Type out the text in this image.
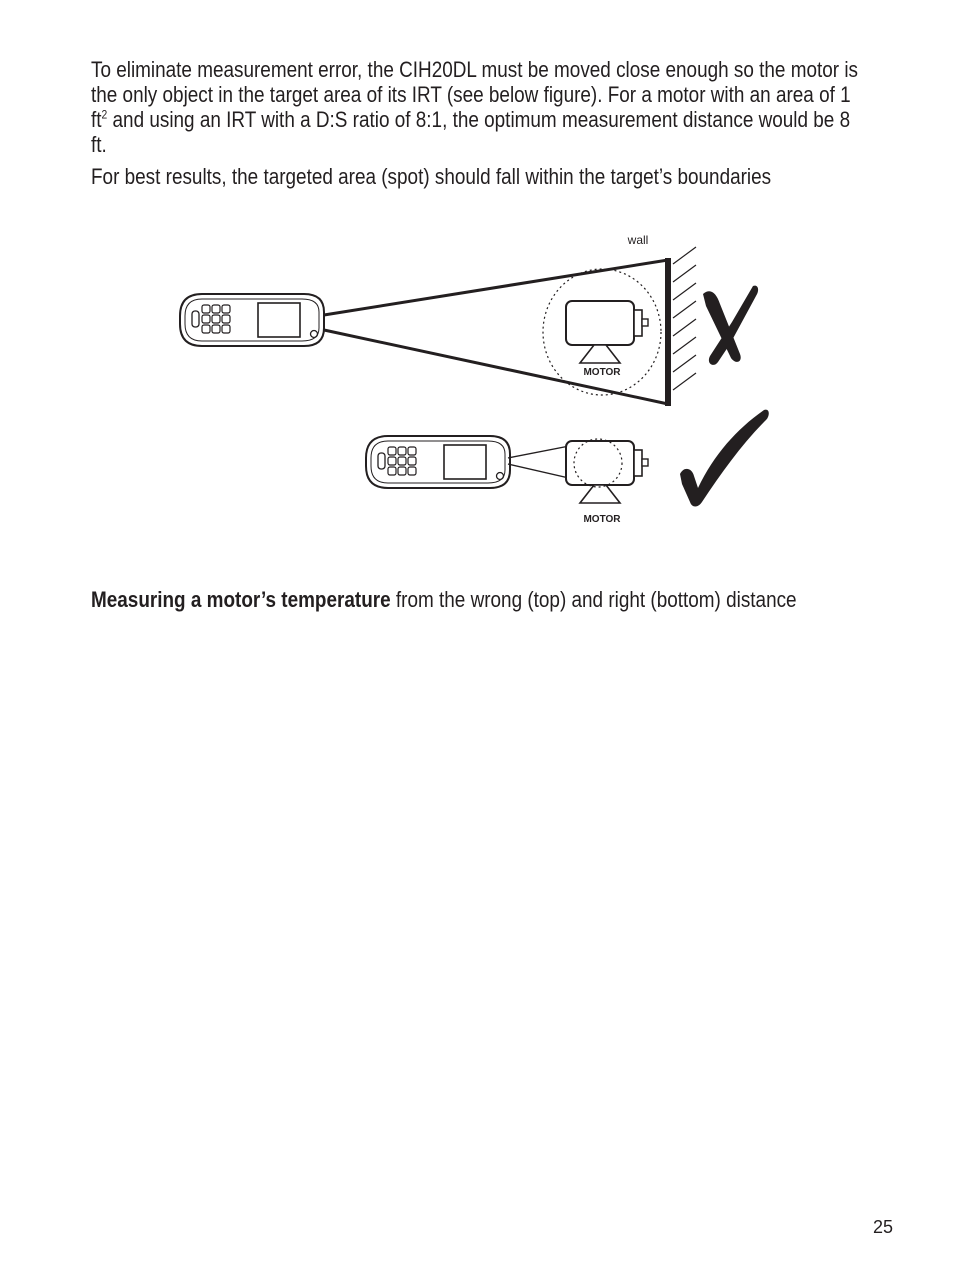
To eliminate measurement error, the CIH20DL must be moved close enough so the motor is the only object in the target area of its IRT (see below figure). For a motor with an area of 1 $ft^2$ and using an IRT with a D:S ratio of 8:1, the optimum measurement distance would be 8 ft.

For best results, the targeted area (spot) should fall within the target’s boundaries

MOTOR
wall
MOTOR

Measuring a motor’s temperature from the wrong (top) and right (bottom) distance

25
